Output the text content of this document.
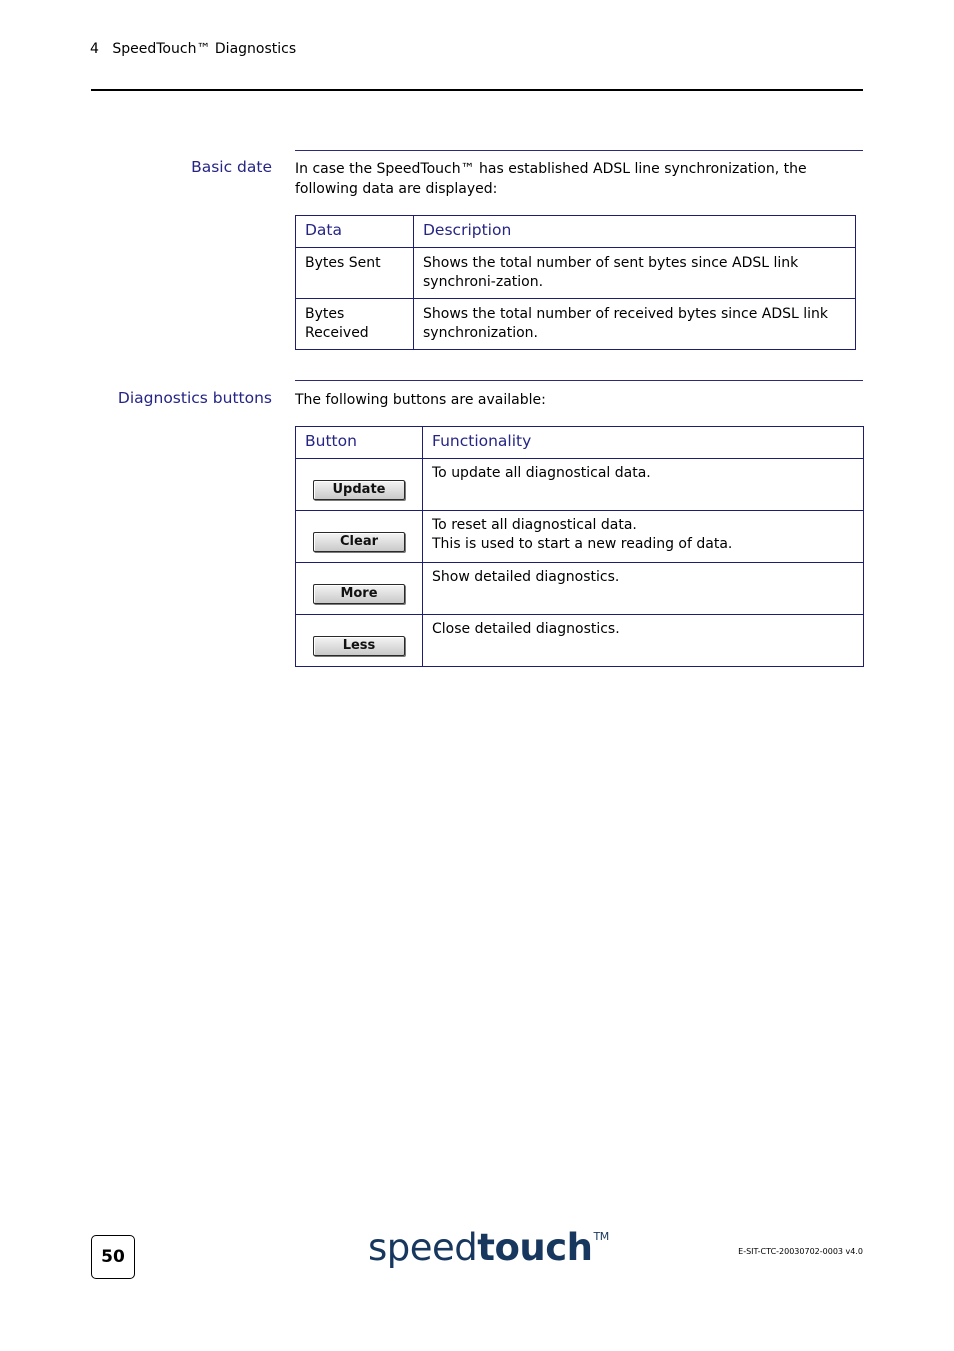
4 SpeedTouch™ Diagnostics
Basic date In case the SpeedTouch™ has established ADSL line synchronization, the following data are displayed:
Data	Description
Bytes Sent	Shows the total number of sent bytes since ADSL link synchroni-zation.
Bytes Received	Shows the total number of received bytes since ADSL link synchronization.
Diagnostics buttons The following buttons are available:
Button	Functionality
Update	To update all diagnostical data.

Clear	To reset all diagnostical data.
This is used to start a new reading of data.

More	Show detailed diagnostics.

Less	Close detailed diagnostics.
50	speedtouch™
E-SIT-CTC-20030702-0003 v4.0
